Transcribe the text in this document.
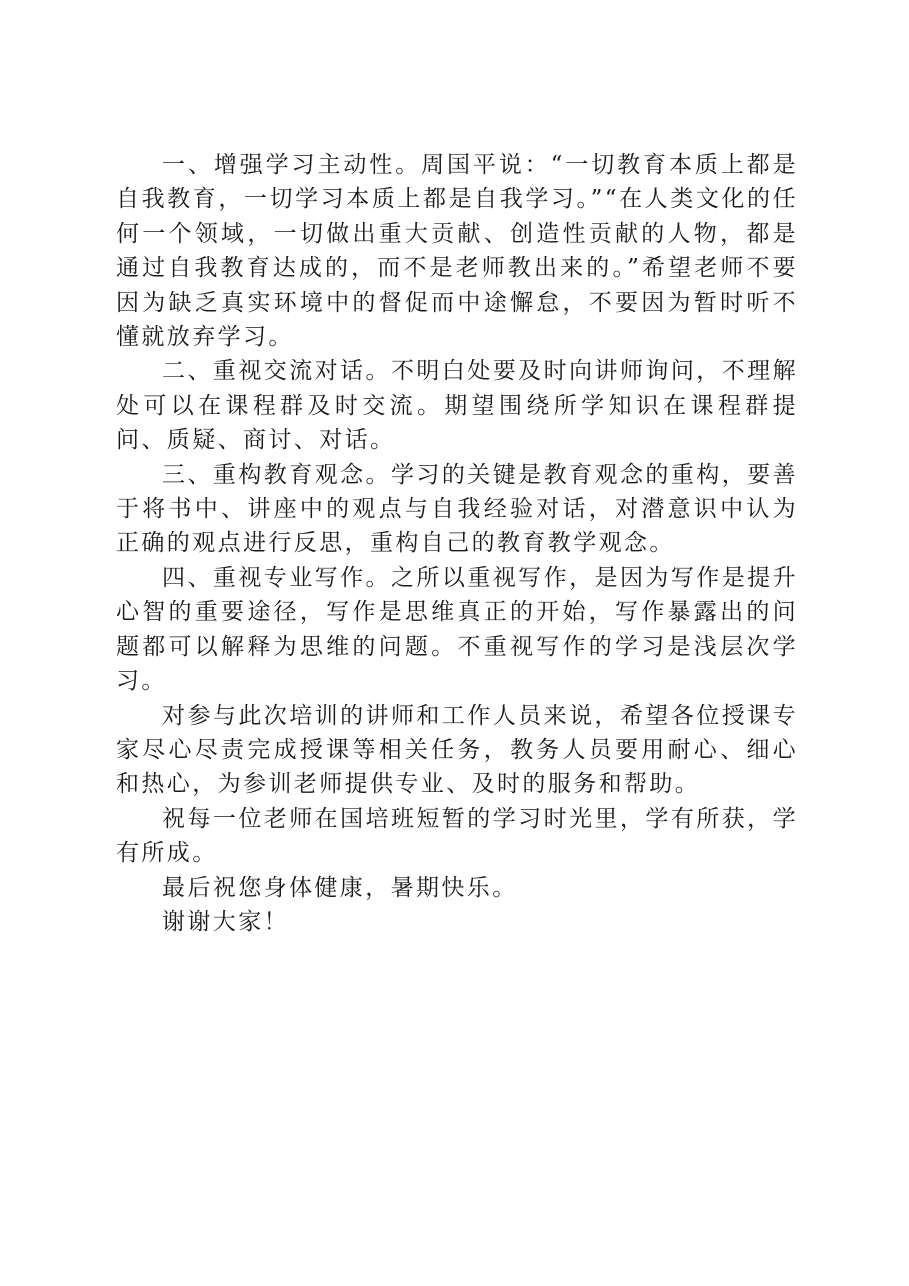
一、增强学习主动性。周国平说：“一切教育本质上都是自我教育，一切学习本质上都是自我学习。”“在人类文化的任何一个领域，一切做出重大贡献、创造性贡献的人物，都是通过自我教育达成的，而不是老师教出来的。”希望老师不要因为缺乏真实环境中的督促而中途懈怠，不要因为暂时听不懂就放弃学习。

二、重视交流对话。不明白处要及时向讲师询问，不理解处可以在课程群及时交流。期望围绕所学知识在课程群提问、质疑、商讨、对话。

三、重构教育观念。学习的关键是教育观念的重构，要善于将书中、讲座中的观点与自我经验对话，对潜意识中认为正确的观点进行反思，重构自己的教育教学观念。

四、重视专业写作。之所以重视写作，是因为写作是提升心智的重要途径，写作是思维真正的开始，写作暴露出的问题都可以解释为思维的问题。不重视写作的学习是浅层次学习。

对参与此次培训的讲师和工作人员来说，希望各位授课专家尽心尽责完成授课等相关任务，教务人员要用耐心、细心和热心，为参训老师提供专业、及时的服务和帮助。

祝每一位老师在国培班短暂的学习时光里，学有所获，学有所成。

最后祝您身体健康，暑期快乐。

谢谢大家！
